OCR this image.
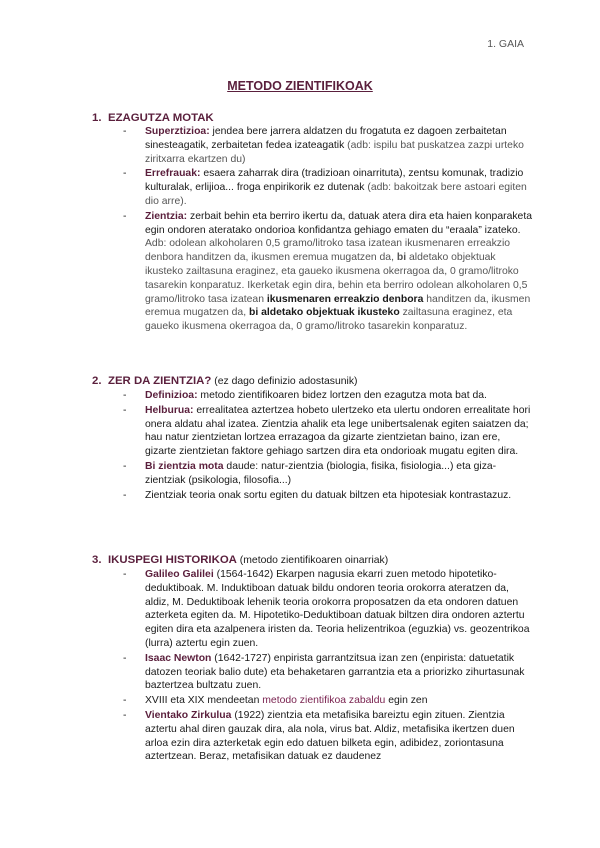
1. GAIA
METODO ZIENTIFIKOAK
1. EZAGUTZA MOTAK
- Superztizioa: jendea bere jarrera aldatzen du frogatuta ez dagoen zerbaitetan sinesteagatik, zerbaitetan fedea izateagatik (adb: ispilu bat puskatzea zazpi urteko ziritxarra ekartzen du)
- Errefrauak: esaera zaharrak dira (tradizioan oinarrituta), zentsu komunak, tradizio kulturalak, erlijioa... froga enpirikorik ez dutenak (adb: bakoitzak bere astoari egiten dio arre).
- Zientzia: zerbait behin eta berriro ikertu da, datuak atera dira eta haien konparaketa egin ondoren ateratako ondorioa konfidantza gehiago ematen du “eraala” izateko. Adb: odolean alkoholaren 0,5 gramo/litroko tasa izatean ikusmenaren erreakzio denbora handitzen da, ikusmen eremua mugatzen da, bi aldetako objektuak ikusteko zailtasuna eraginez, eta gaueko ikusmena okerragoa da, 0 gramo/litroko tasarekin konparatuz. Ikerketak egin dira, behin eta berriro odolean alkoholaren 0,5 gramo/litroko tasa izatean ikusmenaren erreakzio denbora handitzen da, ikusmen eremua mugatzen da, bi aldetako objektuak ikusteko zailtasuna eraginez, eta gaueko ikusmena okerragoa da, 0 gramo/litroko tasarekin konparatuz.
2. ZER DA ZIENTZIA? (ez dago definizio adostasunik)
- Definizioa: metodo zientifikoaren bidez lortzen den ezagutza mota bat da.
- Helburua: errealitatea aztertzea hobeto ulertzeko eta ulertu ondoren errealitate hori onera aldatu ahal izatea. Zientzia ahalik eta lege unibertsalenak egiten saiatzen da; hau natur zientzietan lortzea errazagoa da gizarte zientzietan baino, izan ere, gizarte zientzietan faktore gehiago sartzen dira eta ondorioak mugatu egiten dira.
- Bi zientzia mota daude: natur-zientzia (biologia, fisika, fisiologia...) eta giza-zientziak (psikologia, filosofia...)
- Zientziak teoria onak sortu egiten du datuak biltzen eta hipotesiak kontrastazuz.
3. IKUSPEGI HISTORIKOA (metodo zientifikoaren oinarriak)
- Galileo Galilei (1564-1642) Ekarpen nagusia ekarri zuen metodo hipotetiko-deduktiboak. M. Induktiboan datuak bildu ondoren teoria orokorra ateratzen da, aldiz, M. Deduktiboak lehenik teoria orokorra proposatzen da eta ondoren datuen azterketa egiten da. M. Hipotetiko-Deduktiboan datuak biltzen dira ondoren aztertu egiten dira eta azalpenera iristen da. Teoria helizentrikoa (eguzkia) vs. geozentrikoa (lurra) aztertu egin zuen.
- Isaac Newton (1642-1727) enpirista garrantzitsua izan zen (enpirista: datuetatik datozen teoriak balio dute) eta behaketaren garrantzia eta a priorizko zihurtasunak baztertzea bultzatu zuen.
- XVIII eta XIX mendeetan metodo zientifikoa zabaldu egin zen
- Vientako Zirkulua (1922) zientzia eta metafisika bareiztu egin zituen. Zientzia aztertu ahal diren gauzak dira, ala nola, virus bat. Aldiz, metafisika ikertzen duen arloa ezin dira azterketak egin edo datuen bilketa egin, adibidez, zoriontasuna aztertzean. Beraz, metafisikan datuak ez daudenez
